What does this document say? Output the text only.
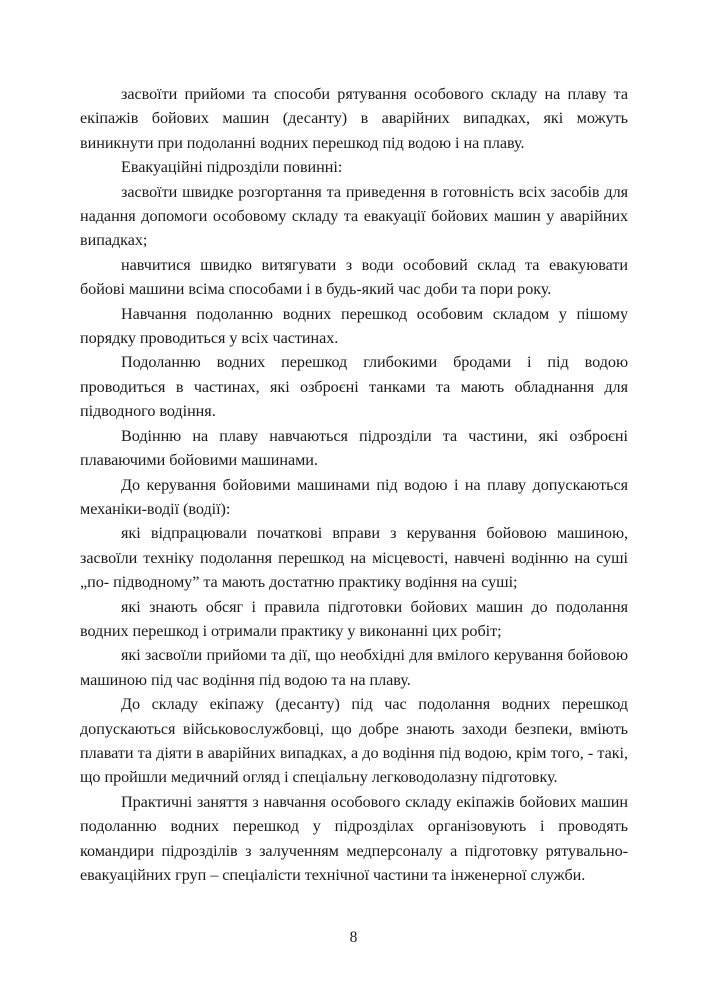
засвоїти прийоми та способи рятування особового складу на плаву та екіпажів бойових машин (десанту) в аварійних випадках, які можуть виникнути при подоланні водних перешкод під водою і на плаву.

Евакуаційні підрозділи повинні:

засвоїти швидке розгортання та приведення в готовність всіх засобів для надання допомоги особовому складу та евакуації бойових машин у аварійних випадках;

навчитися швидко витягувати з води особовий склад та евакуювати бойові машини всіма способами і в будь-який час доби та пори року.

Навчання подоланню водних перешкод особовим складом у пішому порядку проводиться у всіх частинах.

Подоланню водних перешкод глибокими бродами і під водою проводиться в частинах, які озброєні танками та мають обладнання для підводного водіння.

Водінню на плаву навчаються підрозділи та частини, які озброєні плаваючими бойовими машинами.

До керування бойовими машинами під водою і на плаву допускаються механіки-водії (водії):

які відпрацювали початкові вправи з керування бойовою машиною, засвоїли техніку подолання перешкод на місцевості, навчені водінню на суші „по- підводному” та мають достатню практику водіння на суші;

які знають обсяг і правила підготовки бойових машин до подолання водних перешкод і отримали практику у виконанні цих робіт;

які засвоїли прийоми та дії, що необхідні для вмілого керування бойовою машиною під час водіння під водою та на плаву.

До складу екіпажу (десанту) під час подолання водних перешкод допускаються військовослужбовці, що добре знають заходи безпеки, вміють плавати та діяти в аварійних випадках, а до водіння під водою, крім того, - такі, що пройшли медичний огляд і спеціальну легководолазну підготовку.

Практичні заняття з навчання особового складу екіпажів бойових машин подоланню водних перешкод у підрозділах організовують і проводять командири підрозділів з залученням медперсоналу а підготовку рятувально-евакуаційних груп – спеціалісти технічної частини та інженерної служби.

8
